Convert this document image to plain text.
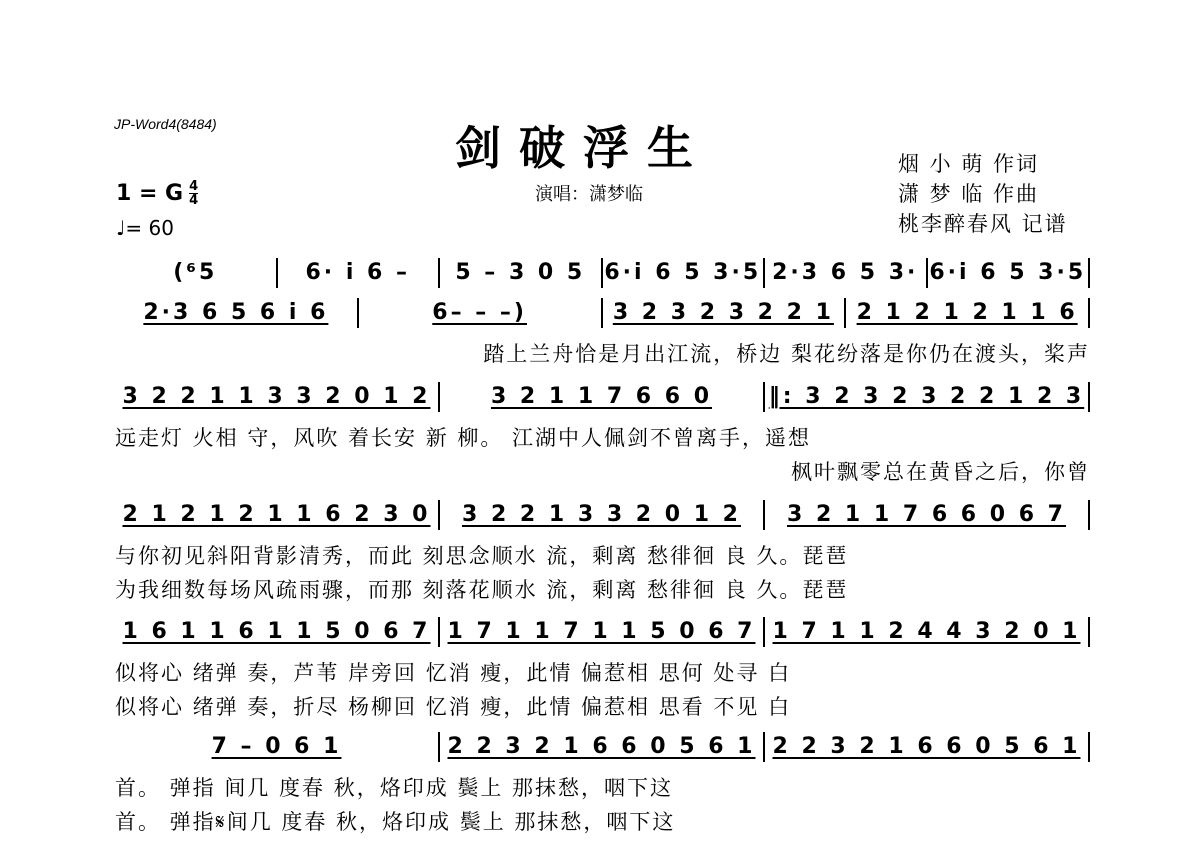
JP-Word4(8484)	剑破浮生
演唱：潇梦临
烟 小 萌 作词
潇 梦 临 作曲
桃李醉春风 记谱
1 = G $\frac{4}{4}$
♩= 60
(⁶5	6· i 6 –	5 – 3 0 5 6·i 6 5 3·5 2·3 6 5 3· 6·i 6 5 3·5
2·3 6 5 6 i 6	6– – –)	3 2 3 2 3 2 2 1	2 1 2 1 2 1 1 6
踏上兰舟恰是月出江流，桥边 梨花纷落是你仍在渡头，桨声
3 2 2 1 1 3 3 2 0 1 2	3 2 1 1 7 6 6 0	‖: 3 2 3 2 3 2 2 1 2 3
远走灯 火相 守，风吹 着长安 新 柳。 江湖中人佩剑不曾离手，遥想
枫叶飘零总在黄昏之后，你曾
2 1 2 1 2 1 1 6 2 3 0	3 2 2 1 3 3 2 0 1 2	3 2 1 1 7 6 6 0 6 7
与你初见斜阳背影清秀，而此 刻思念顺水 流，剩离 愁徘徊 良 久。琵琶
为我细数每场风疏雨骤，而那 刻落花顺水 流，剩离 愁徘徊 良 久。琵琶
1 6 1 1 6 1 1 5 0 6 7 1 7 1 1 7 1 1 5 0 6 7 1 7 1 1 2 4 4 3 2 0 1
似将心 绪弹 奏，芦苇 岸旁回 忆消 瘦，此情 偏惹相 思何 处寻 白
似将心 绪弹 奏，折尽 杨柳回 忆消 瘦，此情 偏惹相 思看 不见 白
7 – 0 6 1	2 2 3 2 1 6 6 0 5 6 1 2 2 3 2 1 6 6 0 5 6 1
首。 弹指 间几 度春 秋，烙印成 鬓上 那抹愁，咽下这
首。 弹指𝄋间几 度春 秋，烙印成 鬓上 那抹愁，咽下这
